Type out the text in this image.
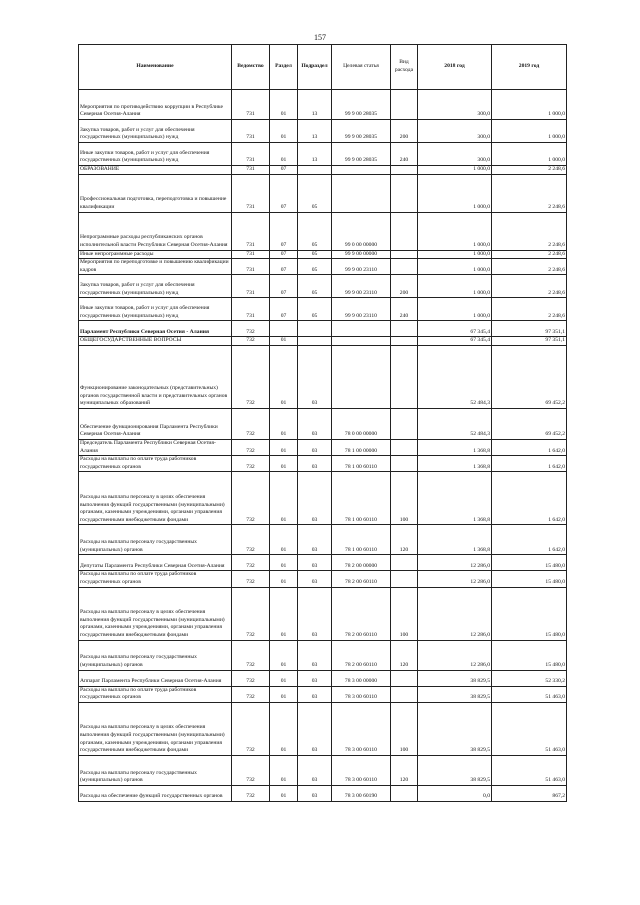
157
Наименование	Ведомство	Раздел	Подраздел	Целевая статья	Вид расхода	2018 год	2019 год
Мероприятия по противодействию коррупции в Республике Северная Осетия-Алания	731	01	13	99 9 00 28035		300,0	1 000,0
Закупка товаров, работ и услуг для обеспечения государственных (муниципальных) нужд	731	01	13	99 9 00 28035	200	300,0	1 000,0
Иные закупки товаров, работ и услуг для обеспечения государственных (муниципальных) нужд	731	01	13	99 9 00 28035	240	300,0	1 000,0
ОБРАЗОВАНИЕ	731	07				1 000,0	2 248,6
Профессиональная подготовка, переподготовка и повышение квалификации	731	07	05			1 000,0	2 248,6
Непрограммные расходы республиканских органов исполнительной власти Республики Северная Осетия-Алания	731	07	05	99 0 00 00000		1 000,0	2 248,6
Иные непрограммные расходы	731	07	05	99 9 00 00000		1 000,0	2 248,6
Мероприятия по переподготовке и повышению квалификации кадров	731	07	05	99 9 00 23110		1 000,0	2 248,6
Закупка товаров, работ и услуг для обеспечения государственных (муниципальных) нужд	731	07	05	99 9 00 23110	200	1 000,0	2 248,6
Иные закупки товаров, работ и услуг для обеспечения государственных (муниципальных) нужд	731	07	05	99 9 00 23110	240	1 000,0	2 248,6
Парламент Республики Северная Осетия - Алания	732					67 345,4	97 351,1
ОБЩЕГОСУДАРСТВЕННЫЕ ВОПРОСЫ	732	01				67 345,4	97 351,1
Функционирование законодательных (представительных) органов государственной власти и представительных органов муниципальных образований	732	01	03			52 484,3	69 452,2
Обеспечение функционирования Парламента Республики Северная Осетия-Алания	732	01	03	78 0 00 00000		52 484,3	69 452,2
Председатель Парламента Республики Северная Осетия-Алания	732	01	03	78 1 00 00000		1 368,8	1 642,0
Расходы на выплаты по оплате труда работников государственных органов	732	01	03	78 1 00 60110		1 368,8	1 642,0
Расходы на выплаты персоналу в целях обеспечения выполнения функций государственными (муниципальными) органами, казенными учреждениями, органами управления государственными внебюджетными фондами	732	01	03	78 1 00 60110	100	1 368,8	1 642,0
Расходы на выплаты персоналу государственных (муниципальных) органов	732	01	03	78 1 00 60110	120	1 368,8	1 642,0
Депутаты Парламента Республики Северная Осетия-Алания	732	01	03	78 2 00 00000		12 286,0	15 480,0
Расходы на выплаты по оплате труда работников государственных органов	732	01	03	78 2 00 60110		12 286,0	15 480,0
Расходы на выплаты персоналу в целях обеспечения выполнения функций государственными (муниципальными) органами, казенными учреждениями, органами управления государственными внебюджетными фондами	732	01	03	78 2 00 60110	100	12 286,0	15 480,0
Расходы на выплаты персоналу государственных (муниципальных) органов	732	01	03	78 2 00 60110	120	12 286,0	15 480,0
Аппарат Парламента Республики Северная Осетия-Алания	732	01	03	78 3 00 00000		38 829,5	52 330,2
Расходы на выплаты по оплате труда работников государственных органов	732	01	03	78 3 00 60110		38 829,5	51 463,0
Расходы на выплаты персоналу в целях обеспечения выполнения функций государственными (муниципальными) органами, казенными учреждениями, органами управления государственными внебюджетными фондами	732	01	03	78 3 00 60110	100	38 829,5	51 463,0
Расходы на выплаты персоналу государственных (муниципальных) органов	732	01	03	78 3 00 60110	120	38 829,5	51 463,0
Расходы на обеспечение функций государственных органов	732	01	03	78 3 00 60190		0,0	867,2
